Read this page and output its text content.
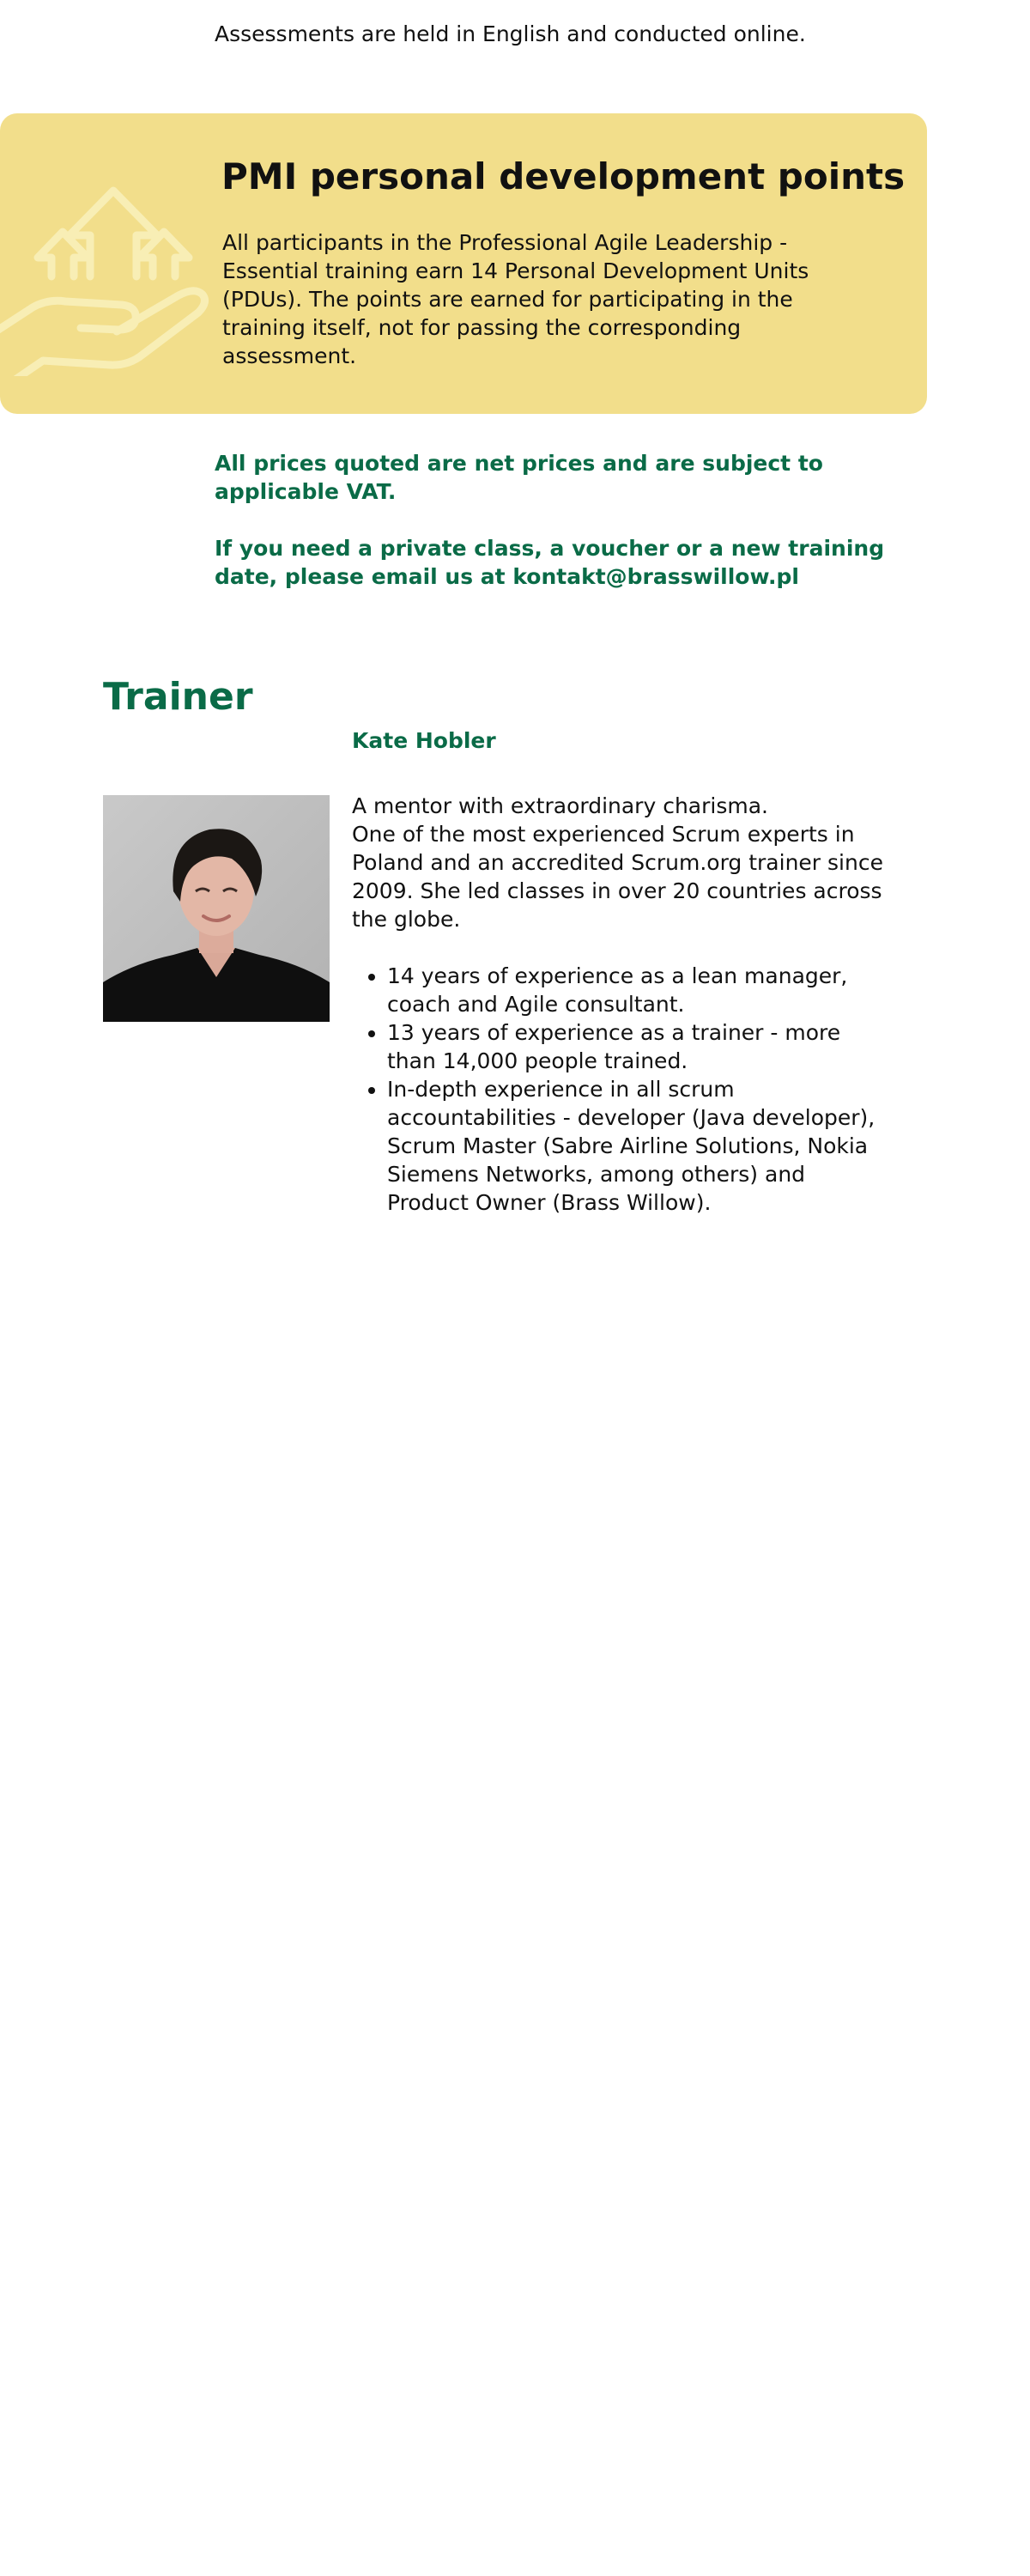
Assessments are held in English and conducted online.

PMI personal development points

All participants in the Professional Agile Leadership - Essential training earn 14 Personal Development Units (PDUs). The points are earned for participating in the training itself, not for passing the corresponding assessment.

All prices quoted are net prices and are subject to applicable VAT.

If you need a private class, a voucher or a new training date, please email us at kontakt@brasswillow.pl

Trainer
Kate Hobler

A mentor with extraordinary charisma.

One of the most experienced Scrum experts in Poland and an accredited Scrum.org trainer since 2009. She led classes in over 20 countries across the globe.

• 14 years of experience as a lean manager, coach and Agile consultant.
• 13 years of experience as a trainer - more than 14,000 people trained.
• In-depth experience in all scrum accountabilities - developer (Java developer), Scrum Master (Sabre Airline Solutions, Nokia Siemens Networks, among others) and Product Owner (Brass Willow).
